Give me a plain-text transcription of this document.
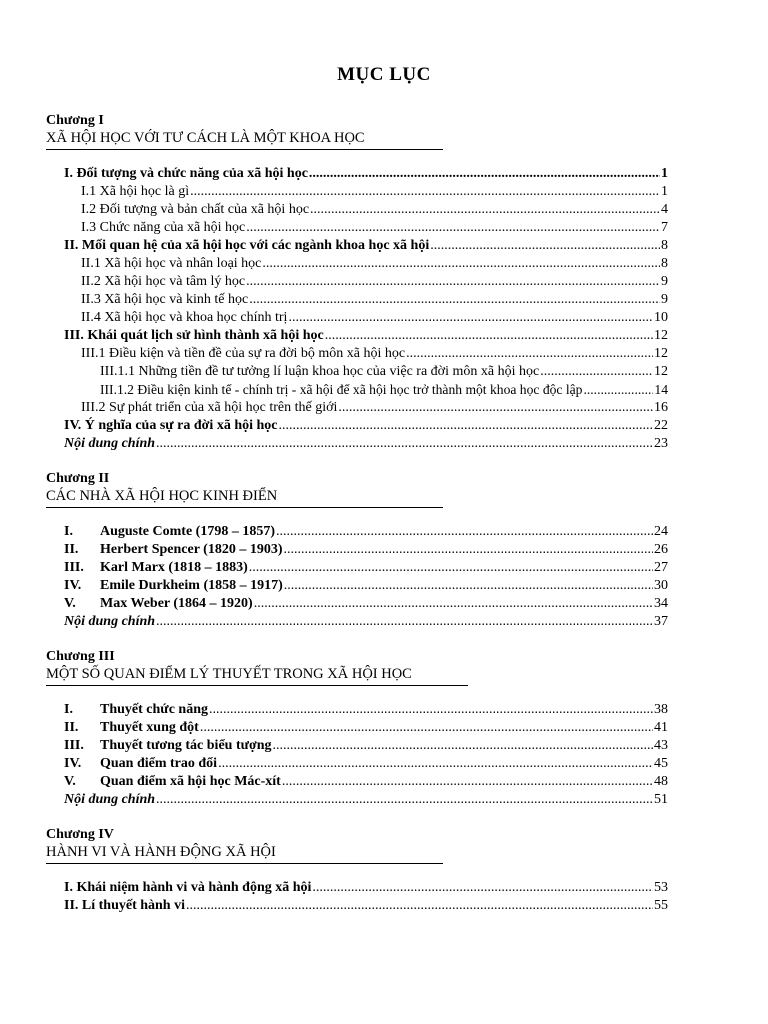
MỤC LỤC
Chương I
XÃ HỘI HỌC VỚI TƯ CÁCH LÀ MỘT KHOA HỌC
Chương II
CÁC NHÀ XÃ HỘI HỌC KINH ĐIỂN
Chương III
MỘT SỐ QUAN ĐIỂM LÝ THUYẾT TRONG XÃ HỘI HỌC
Chương IV
HÀNH VI VÀ HÀNH ĐỘNG XÃ HỘI
I. Đối tượng và chức năng của xã hội học .....	1
I.1 Xã hội học là gì .....	1
I.2 Đối tượng và bản chất của xã hội học .....	4
I.3 Chức năng của xã hội học .....	7
II. Mối quan hệ của xã hội học với các ngành khoa học xã hội .....	8
II.1 Xã hội học và nhân loại học .....	8
II.2 Xã hội học và tâm lý học .....	9
II.3 Xã hội học và kinh tế học .....	9
II.4 Xã hội học và khoa học chính trị .....	10
III. Khái quát lịch sử hình thành xã hội học .....	12
III.1 Điều kiện và tiền đề của sự ra đời bộ môn xã hội học .....	12
III.1.1 Những tiền đề tư tưởng lí luận khoa học của việc ra đời môn xã hội học .....	12
III.1.2 Điều kiện kinh tế - chính trị - xã hội để xã hội học trở thành một khoa học độc lập .....	14
III.2 Sự phát triển của xã hội học trên thế giới .....	16
IV. Ý nghĩa của sự ra đời xã hội học .....	22
Nội dung chính .....	23
I.	Auguste Comte (1798 – 1857) .....	24
II.	Herbert Spencer (1820 – 1903) .....	26
III.	Karl Marx (1818 – 1883) .....	27
IV.	Emile Durkheim (1858 – 1917) .....	30
V.	Max Weber (1864 – 1920) .....	34
Nội dung chính .....	37
I.	Thuyết chức năng .....	38
II.	Thuyết xung đột .....	41
III.	Thuyết tương tác biểu tượng .....	43
IV.	Quan điểm trao đổi .....	45
V.	Quan điểm xã hội học Mác-xít .....	48
Nội dung chính .....	51
I. Khái niệm hành vi và hành động xã hội .....	53
II. Lí thuyết hành vi .....	55
